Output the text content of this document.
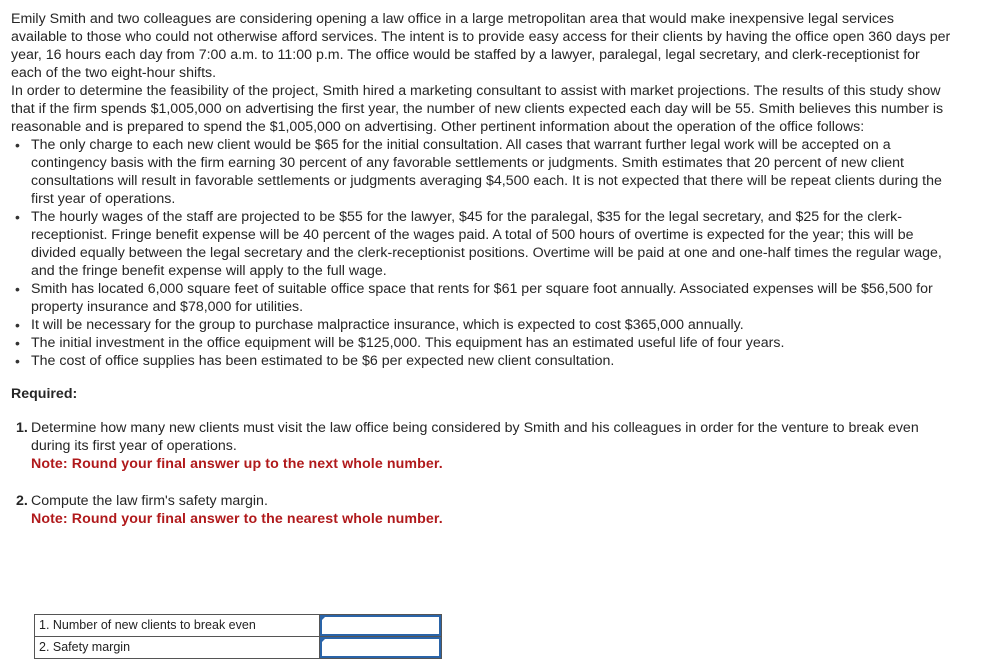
Emily Smith and two colleagues are considering opening a law office in a large metropolitan area that would make inexpensive legal services available to those who could not otherwise afford services. The intent is to provide easy access for their clients by having the office open 360 days per year, 16 hours each day from 7:00 a.m. to 11:00 p.m. The office would be staffed by a lawyer, paralegal, legal secretary, and clerk-receptionist for each of the two eight-hour shifts.

In order to determine the feasibility of the project, Smith hired a marketing consultant to assist with market projections. The results of this study show that if the firm spends $1,005,000 on advertising the first year, the number of new clients expected each day will be 55. Smith believes this number is reasonable and is prepared to spend the $1,005,000 on advertising. Other pertinent information about the operation of the office follows:

• The only charge to each new client would be $65 for the initial consultation. All cases that warrant further legal work will be accepted on a contingency basis with the firm earning 30 percent of any favorable settlements or judgments. Smith estimates that 20 percent of new client consultations will result in favorable settlements or judgments averaging $4,500 each. It is not expected that there will be repeat clients during the first year of operations.
• The hourly wages of the staff are projected to be $55 for the lawyer, $45 for the paralegal, $35 for the legal secretary, and $25 for the clerk-receptionist. Fringe benefit expense will be 40 percent of the wages paid. A total of 500 hours of overtime is expected for the year; this will be divided equally between the legal secretary and the clerk-receptionist positions. Overtime will be paid at one and one-half times the regular wage, and the fringe benefit expense will apply to the full wage.
• Smith has located 6,000 square feet of suitable office space that rents for $61 per square foot annually. Associated expenses will be $56,500 for property insurance and $78,000 for utilities.
• It will be necessary for the group to purchase malpractice insurance, which is expected to cost $365,000 annually.
• The initial investment in the office equipment will be $125,000. This equipment has an estimated useful life of four years.
• The cost of office supplies has been estimated to be $6 per expected new client consultation.
Required:
1. Determine how many new clients must visit the law office being considered by Smith and his colleagues in order for the venture to break even during its first year of operations.
Note: Round your final answer up to the next whole number.
2. Compute the law firm's safety margin.
Note: Round your final answer to the nearest whole number.
1. Number of new clients to break even	

2. Safety margin	
